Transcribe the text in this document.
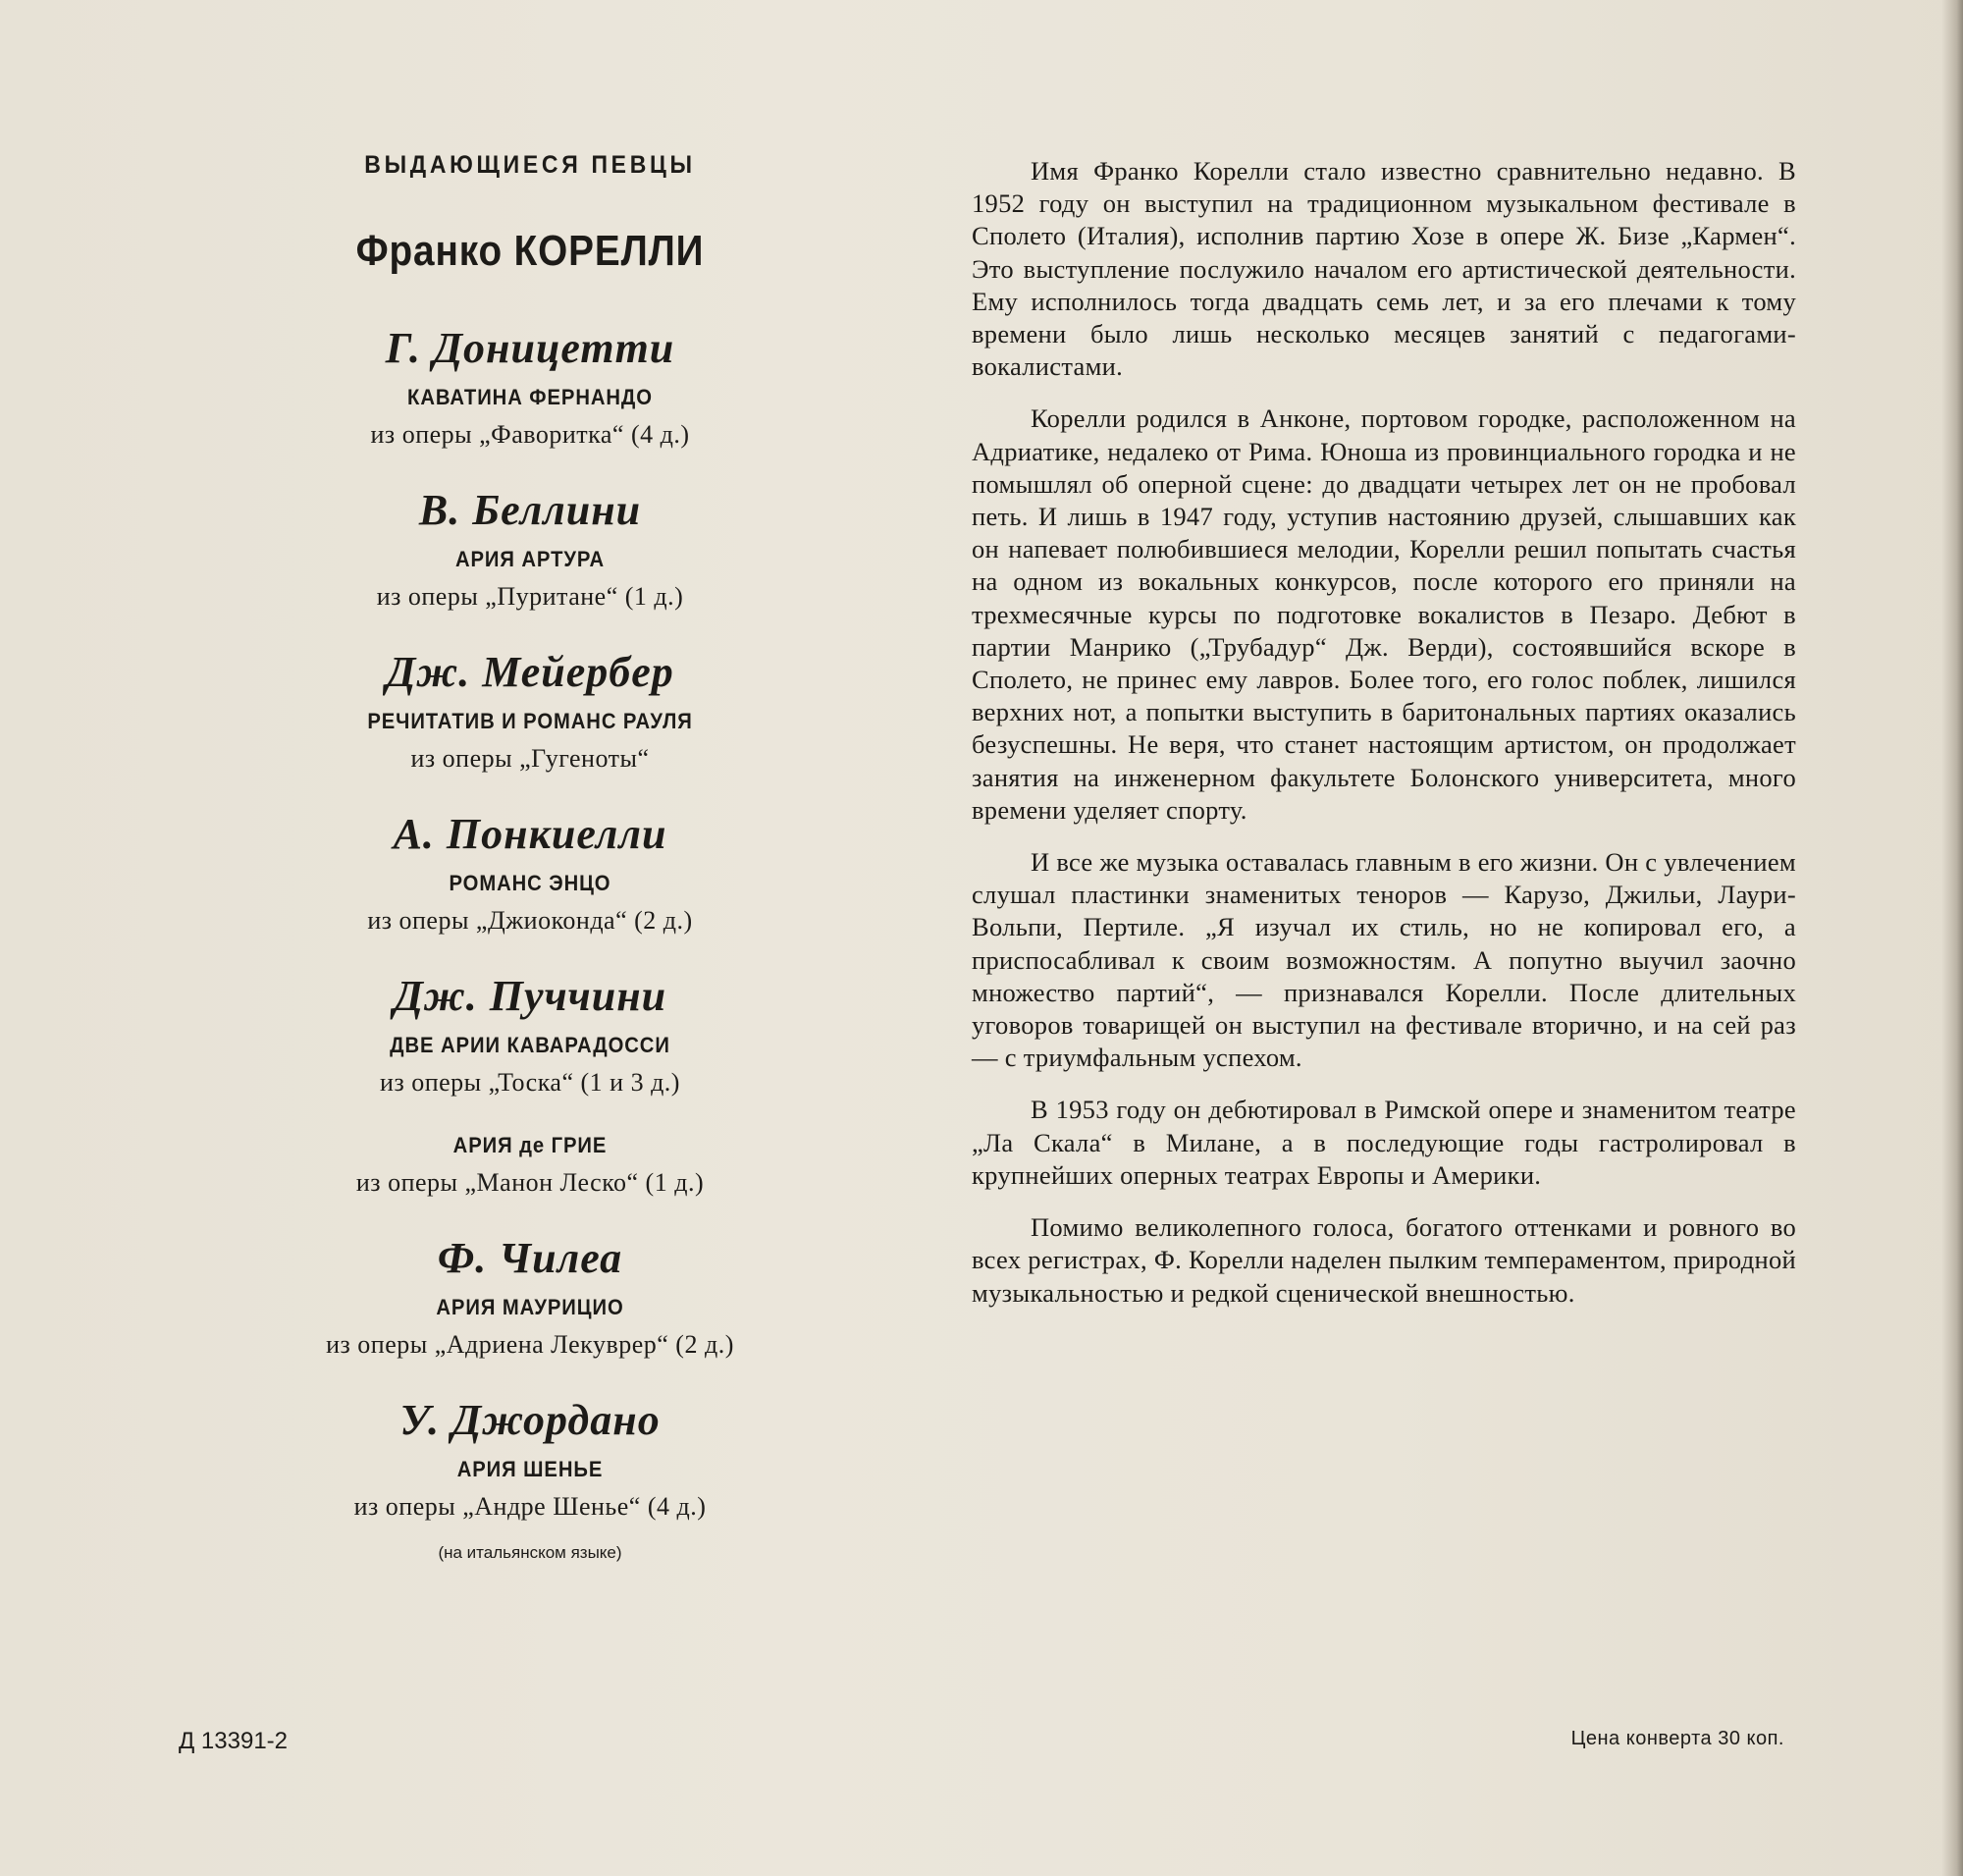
ВЫДАЮЩИЕСЯ ПЕВЦЫ
Франко КОРЕЛЛИ
Г. Доницетти
КАВАТИНА ФЕРНАНДО
из оперы „Фаворитка“ (4 д.)
В. Беллини
АРИЯ АРТУРА
из оперы „Пуритане“ (1 д.)
Дж. Мейербер
РЕЧИТАТИВ И РОМАНС РАУЛЯ
из оперы „Гугеноты“
А. Понкиелли
РОМАНС ЭНЦО
из оперы „Джиоконда“ (2 д.)
Дж. Пуччини
ДВЕ АРИИ КАВАРАДОССИ
из оперы „Тоска“ (1 и 3 д.)
АРИЯ де ГРИЕ
из оперы „Манон Леско“ (1 д.)
Ф. Чилеа
АРИЯ МАУРИЦИО
из оперы „Адриена Лекуврер“ (2 д.)
У. Джордано
АРИЯ ШЕНЬЕ
из оперы „Андре Шенье“ (4 д.)
(на итальянском языке)

Имя Франко Корелли стало известно сравнительно недавно. В 1952 году он выступил на традиционном музыкальном фестивале в Сполето (Италия), исполнив партию Хозе в опере Ж. Бизе „Кармен“. Это выступление послужило началом его артистической деятельности. Ему исполнилось тогда двадцать семь лет, и за его плечами к тому времени было лишь несколько месяцев занятий с педагогами-вокалистами.

Корелли родился в Анконе, портовом городке, расположенном на Адриатике, недалеко от Рима. Юноша из провинциального городка и не помышлял об оперной сцене: до двадцати четырех лет он не пробовал петь. И лишь в 1947 году, уступив настоянию друзей, слышавших как он напевает полюбившиеся мелодии, Корелли решил попытать счастья на одном из вокальных конкурсов, после которого его приняли на трехмесячные курсы по подготовке вокалистов в Пезаро. Дебют в партии Манрико („Трубадур“ Дж. Верди), состоявшийся вскоре в Сполето, не принес ему лавров. Более того, его голос поблек, лишился верхних нот, а попытки выступить в баритональных партиях оказались безуспешны. Не веря, что станет настоящим артистом, он продолжает занятия на инженерном факультете Болонского университета, много времени уделяет спорту.

И все же музыка оставалась главным в его жизни. Он с увлечением слушал пластинки знаменитых теноров — Карузо, Джильи, Лаури-Вольпи, Пертиле. „Я изучал их стиль, но не копировал его, а приспосабливал к своим возможностям. А попутно выучил заочно множество партий“, — признавался Корелли. После длительных уговоров товарищей он выступил на фестивале вторично, и на сей раз — с триумфальным успехом.

В 1953 году он дебютировал в Римской опере и знаменитом театре „Ла Скала“ в Милане, а в последующие годы гастролировал в крупнейших оперных театрах Европы и Америки.

Помимо великолепного голоса, богатого оттенками и ровного во всех регистрах, Ф. Корелли наделен пылким темпераментом, природной музыкальностью и редкой сценической внешностью.

Д 13391-2	Цена конверта 30 коп.
